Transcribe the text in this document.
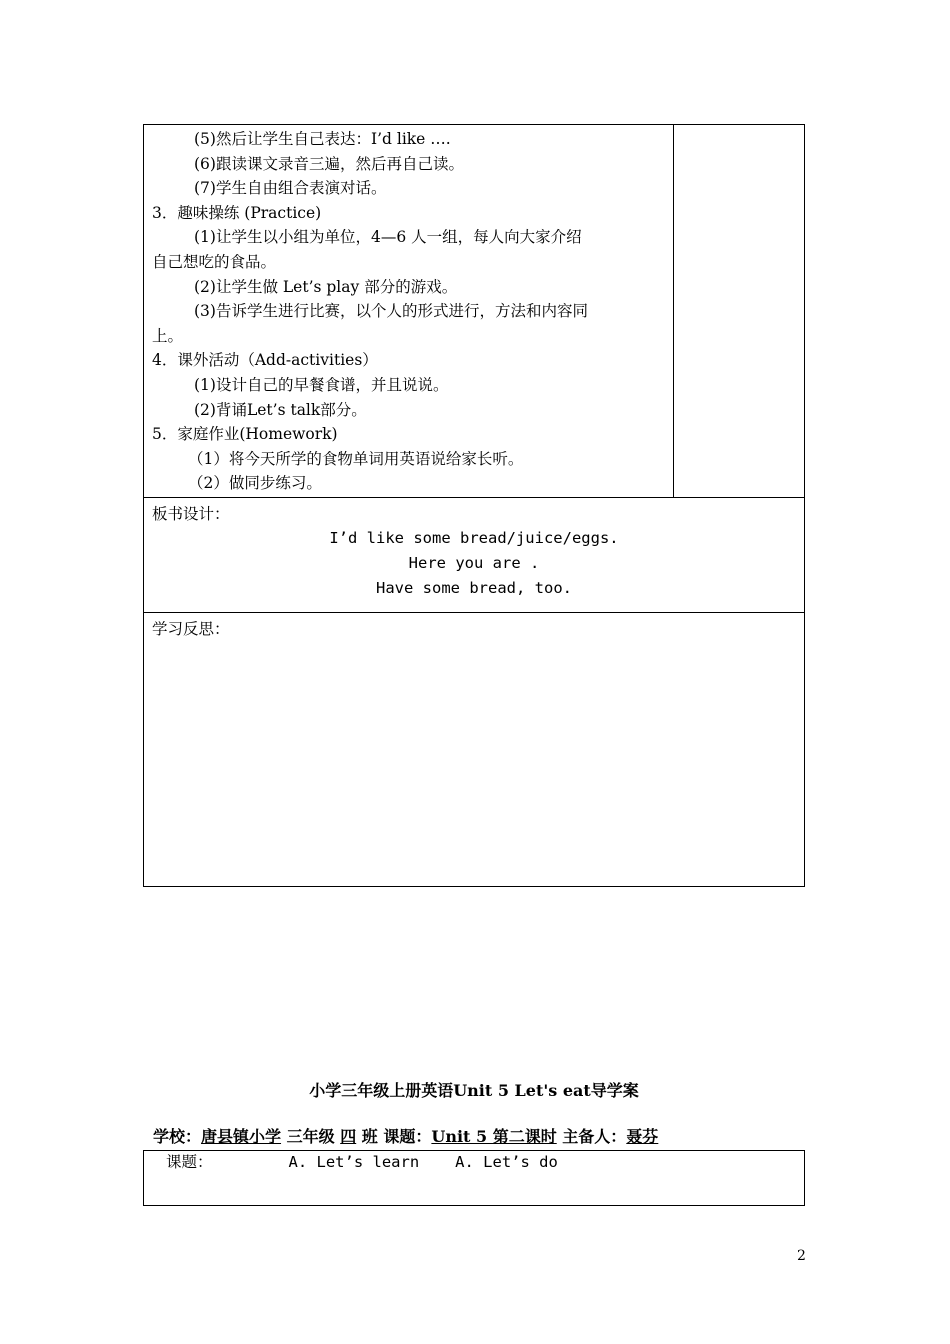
(5)然后让学生自己表达：I’d like ….
(6)跟读课文录音三遍，然后再自己读。
(7)学生自由组合表演对话。
3．趣味操练 (Practice)
(1)让学生以小组为单位，4—6 人一组，每人向大家介绍
自己想吃的食品。
(2)让学生做 Let’s play 部分的游戏。
(3)告诉学生进行比赛，以个人的形式进行，方法和内容同
上。
4．课外活动（Add-activities）
(1)设计自己的早餐食谱，并且说说。
(2)背诵Let’s talk部分。
5．家庭作业(Homework)
（1）将今天所学的食物单词用英语说给家长听。
（2）做同步练习。

板书设计：
I’d like some bread/juice/eggs.
Here you are .
Have some bread, too.

学习反思：
小学三年级上册英语Unit 5 Let's eat导学案
学校：唐县镇小学 三年级 四 班 课题：Unit 5 第二课时 主备人：聂芬
课题：	A. Let’s learn A. Let’s do
2
